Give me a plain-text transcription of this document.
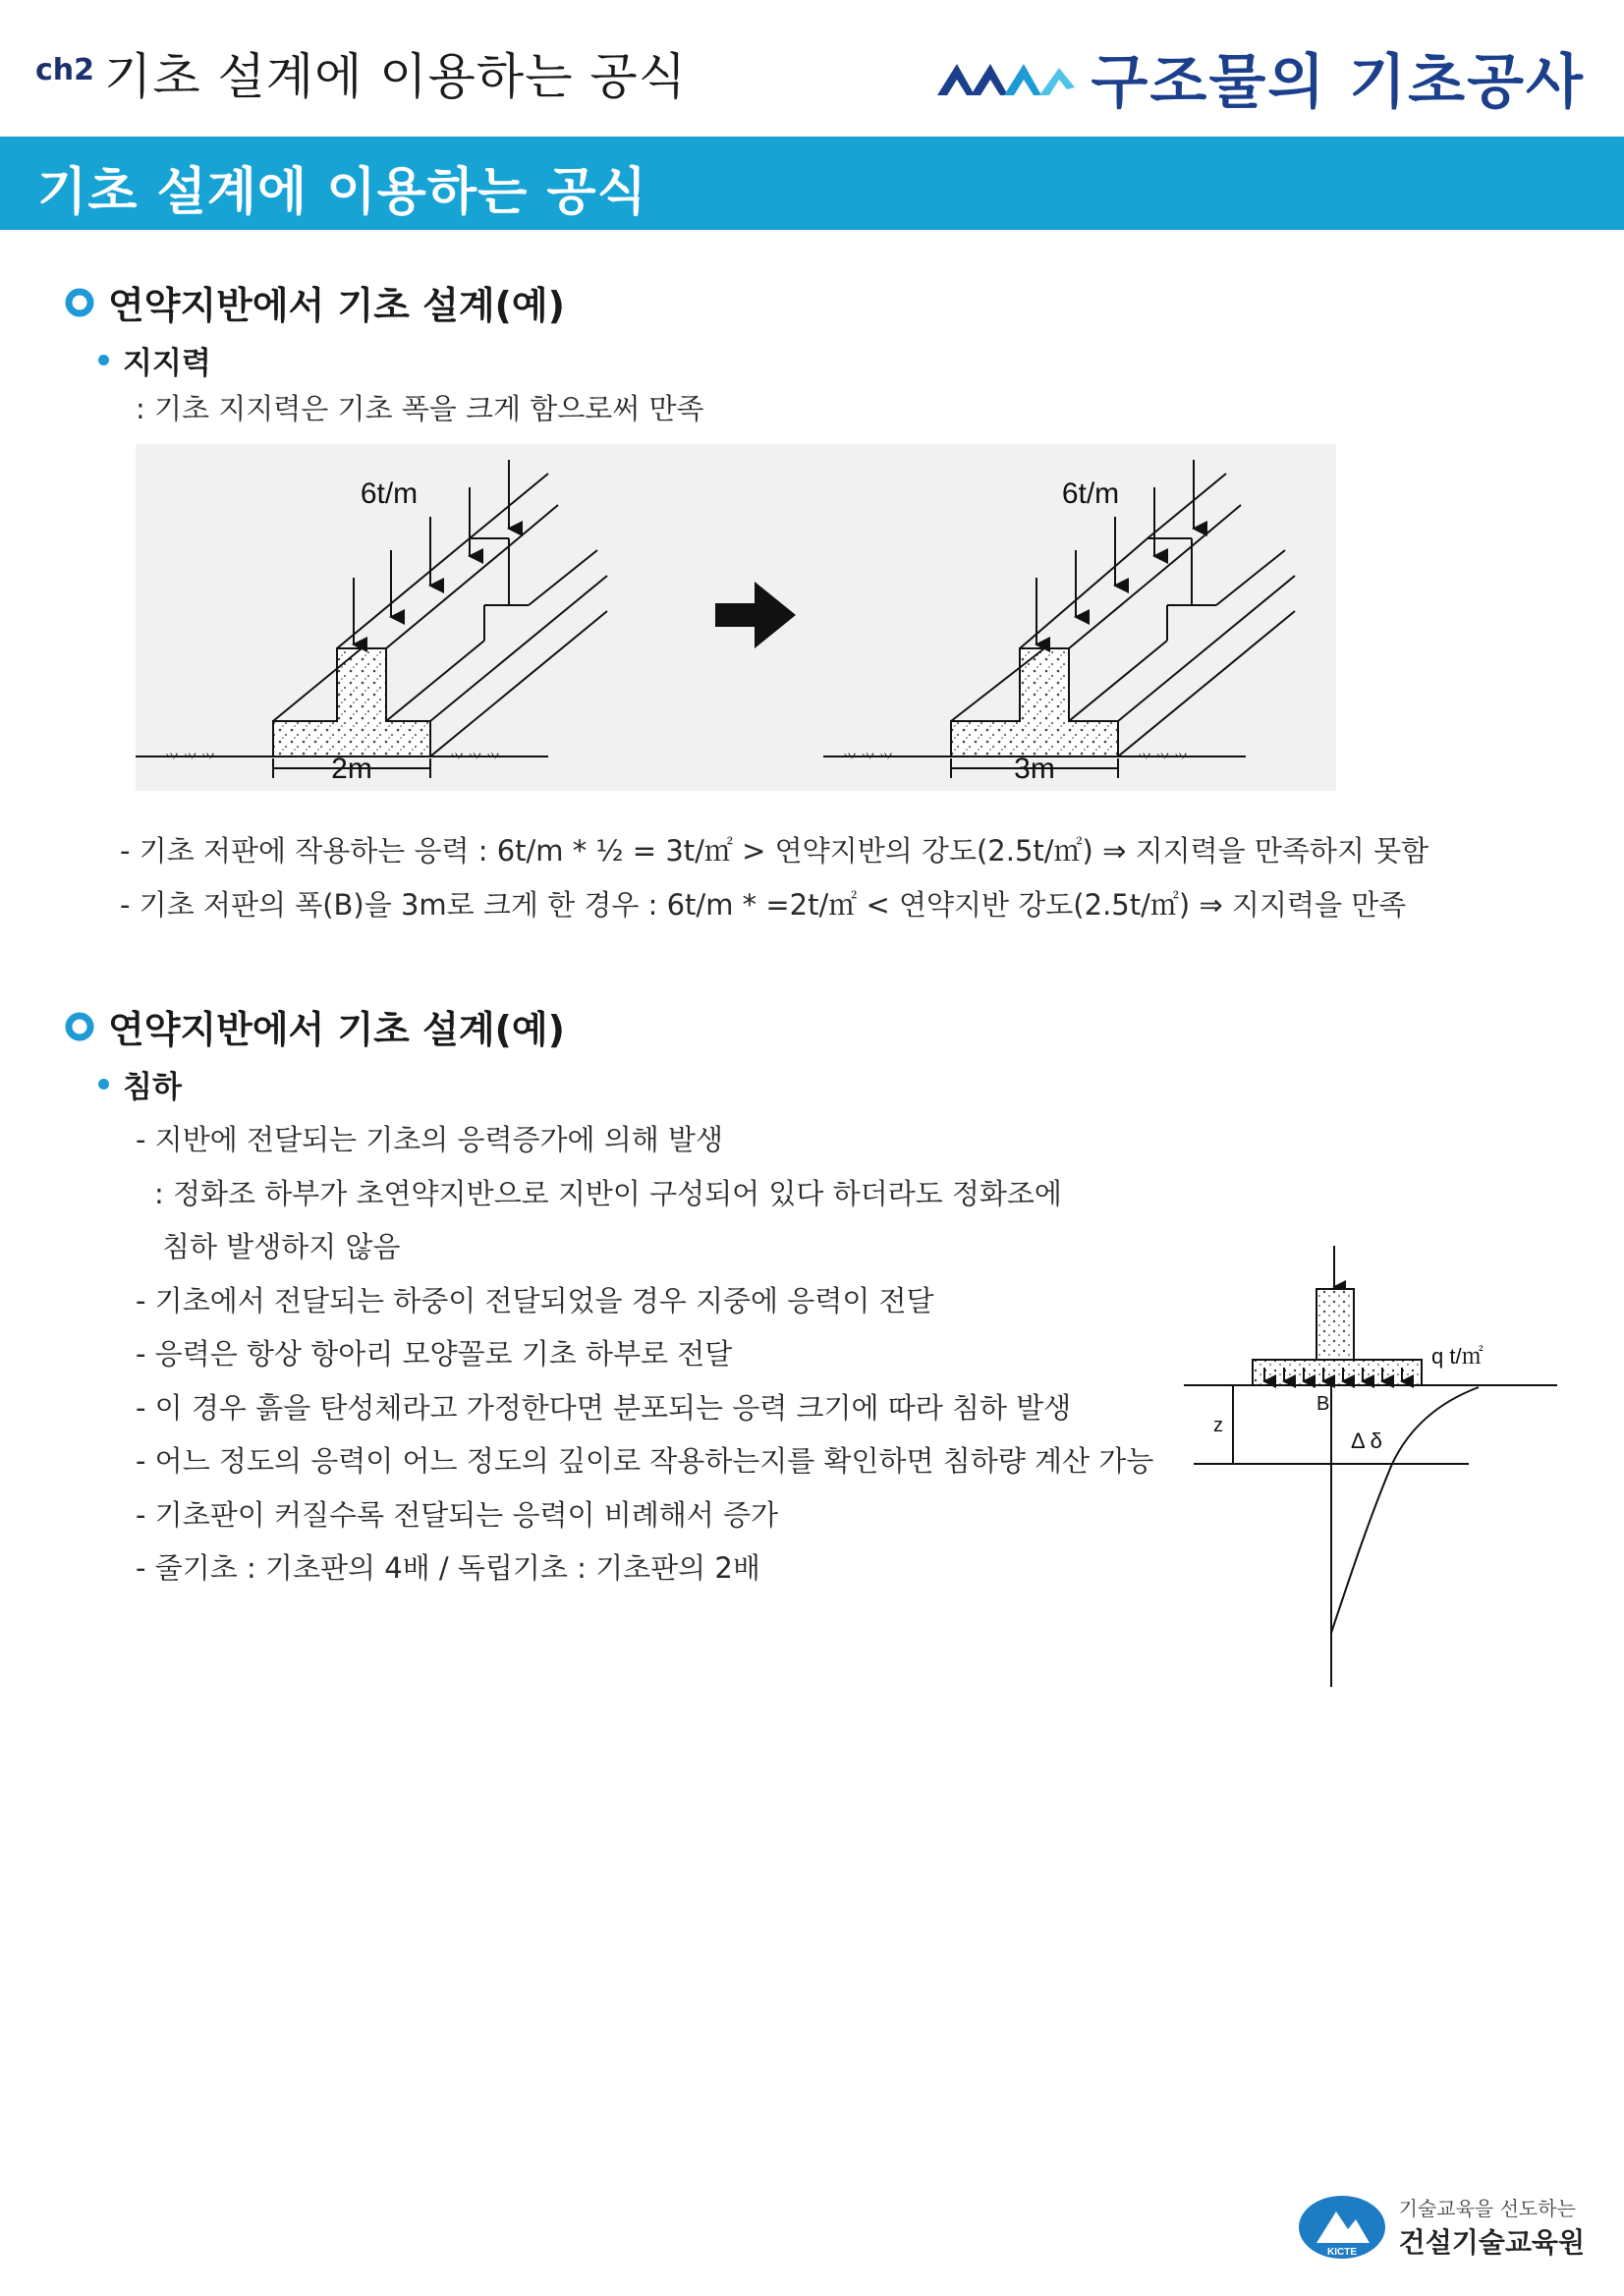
ch2 기초 설계에 이용하는 공식	구조물의 기초공사
기초 설계에 이용하는 공식
연약지반에서 기초 설계(예)
지지력
: 기초 지지력은 기초 폭을 크게 함으로써 만족
⺍ ⺍ ⺍	⺍ ⺍ ⺍
6t/m
2m	⺍ ⺍ ⺍	⺍ ⺍ ⺍
6t/m
3m
- 기초 저판에 작용하는 응력 : 6t/m * ½ = 3t/㎡ > 연약지반의 강도(2.5t/㎡) ⇒ 지지력을 만족하지 못함
- 기초 저판의 폭(B)을 3m로 크게 한 경우 : 6t/m * =2t/㎡ < 연약지반 강도(2.5t/㎡) ⇒ 지지력을 만족
연약지반에서 기초 설계(예)
침하
- 지반에 전달되는 기초의 응력증가에 의해 발생
: 정화조 하부가 초연약지반으로 지반이 구성되어 있다 하더라도 정화조에
침하 발생하지 않음
- 기초에서 전달되는 하중이 전달되었을 경우 지중에 응력이 전달
- 응력은 항상 항아리 모양꼴로 기초 하부로 전달
- 이 경우 흙을 탄성체라고 가정한다면 분포되는 응력 크기에 따라 침하 발생
- 어느 정도의 응력이 어느 정도의 깊이로 작용하는지를 확인하면 침하량 계산 가능
- 기초판이 커질수록 전달되는 응력이 비례해서 증가
- 줄기초 : 기초판의 4배 / 독립기초 : 기초판의 2배
q t/㎡
B
z
Δ δ
KICTE
기술교육을 선도하는
건설기술교육원
